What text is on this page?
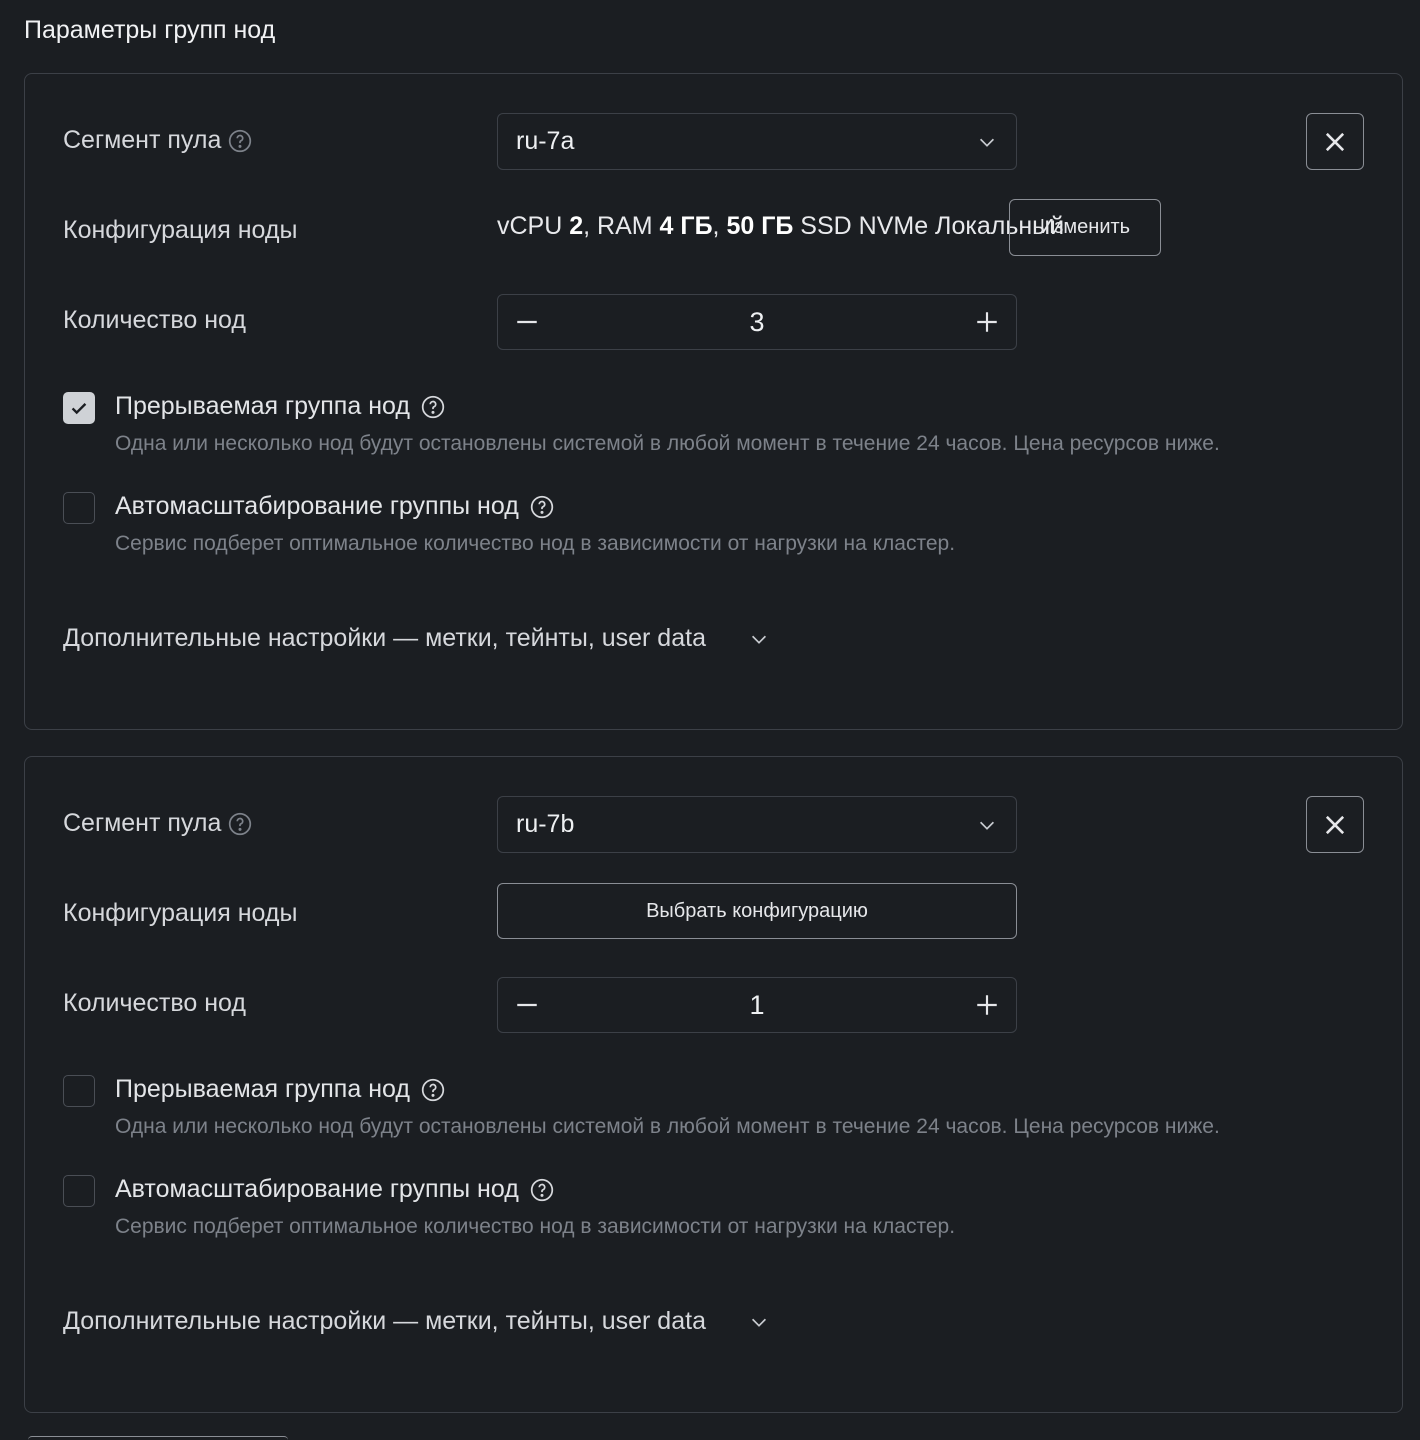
Параметры групп нод
Сегмент пула	ru-7a
Конфигурация ноды	vCPU 2, RAM 4 ГБ, 50 ГБ SSD NVMe Локальный
Изменить
Количество нод	3
Прерываемая группа нод
Одна или несколько нод будут остановлены системой в любой момент в течение 24 часов. Цена ресурсов ниже.
Автомасштабирование группы нод
Сервис подберет оптимальное количество нод в зависимости от нагрузки на кластер.
Дополнительные настройки — метки, тейнты, user data
Сегмент пула	ru-7b
Конфигурация ноды	Выбрать конфигурацию
Количество нод	1
Прерываемая группа нод
Одна или несколько нод будут остановлены системой в любой момент в течение 24 часов. Цена ресурсов ниже.
Автомасштабирование группы нод
Сервис подберет оптимальное количество нод в зависимости от нагрузки на кластер.
Дополнительные настройки — метки, тейнты, user data
